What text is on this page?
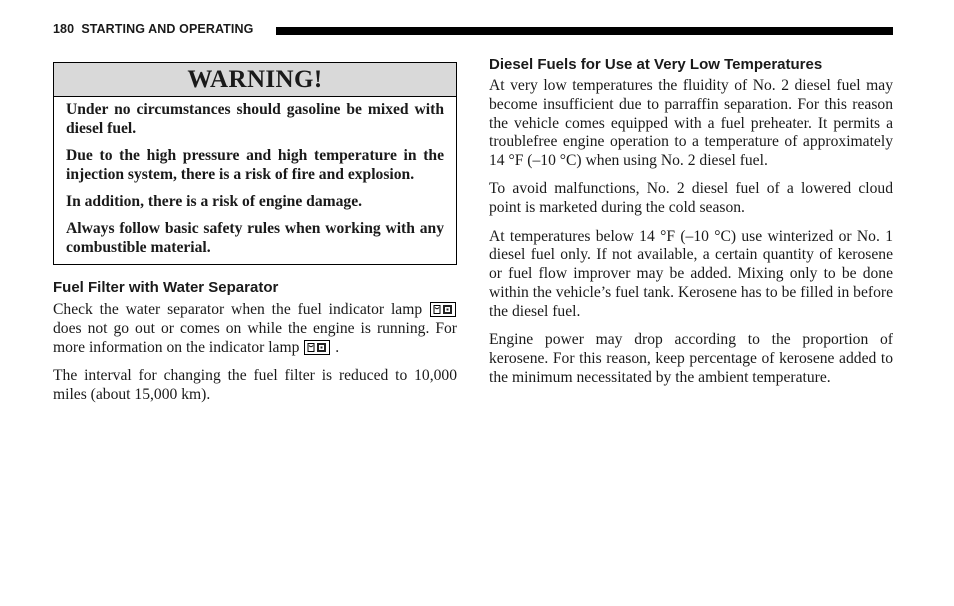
180 STARTING AND OPERATING
WARNING!

Under no circumstances should gasoline be mixed with diesel fuel.

Due to the high pressure and high temperature in the injection system, there is a risk of fire and explosion.

In addition, there is a risk of engine damage.

Always follow basic safety rules when working with any combustible material.

Fuel Filter with Water Separator

Check the water separator when the fuel indicator lamp
does not go out or comes on while the engine is running. For more information on the indicator lamp .

The interval for changing the fuel filter is reduced to 10,000 miles (about 15,000 km).

Diesel Fuels for Use at Very Low Temperatures

At very low temperatures the fluidity of No. 2 diesel fuel may become insufficient due to parraffin separation. For this reason the vehicle comes equipped with a fuel preheater. It permits a troublefree engine operation to a temperature of approximately 14 °F (–10 °C) when using No. 2 diesel fuel.

To avoid malfunctions, No. 2 diesel fuel of a lowered cloud point is marketed during the cold season.

At temperatures below 14 °F (–10 °C) use winterized or No. 1 diesel fuel only. If not available, a certain quantity of kerosene or fuel flow improver may be added. Mixing only to be done within the vehicle’s fuel tank. Kerosene has to be filled in before the diesel fuel.

Engine power may drop according to the proportion of kerosene. For this reason, keep percentage of kerosene added to the minimum necessitated by the ambient temperature.
